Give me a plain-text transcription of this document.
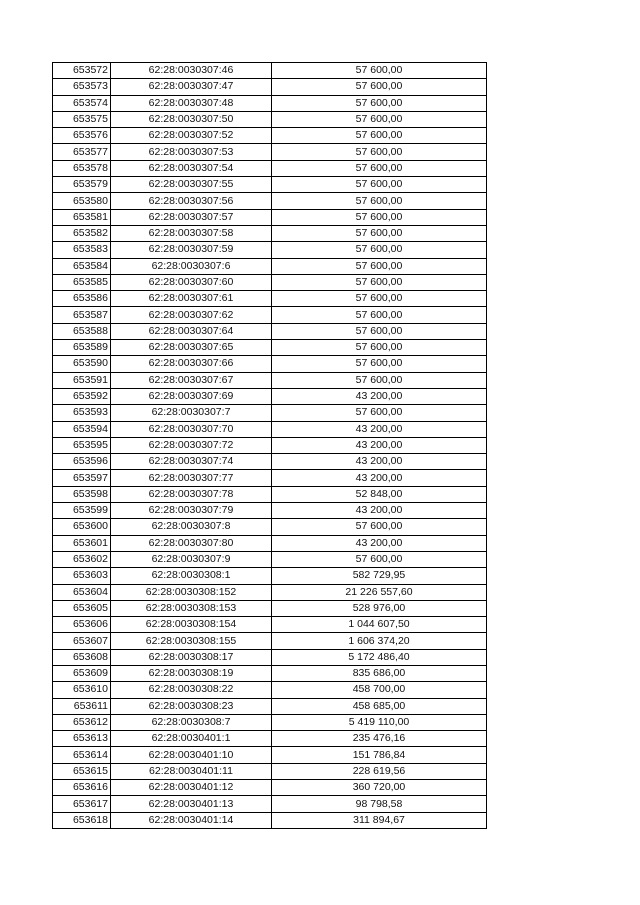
653572	62:28:0030307:46	57 600,00
653573	62:28:0030307:47	57 600,00
653574	62:28:0030307:48	57 600,00
653575	62:28:0030307:50	57 600,00
653576	62:28:0030307:52	57 600,00
653577	62:28:0030307:53	57 600,00
653578	62:28:0030307:54	57 600,00
653579	62:28:0030307:55	57 600,00
653580	62:28:0030307:56	57 600,00
653581	62:28:0030307:57	57 600,00
653582	62:28:0030307:58	57 600,00
653583	62:28:0030307:59	57 600,00
653584	62:28:0030307:6	57 600,00
653585	62:28:0030307:60	57 600,00
653586	62:28:0030307:61	57 600,00
653587	62:28:0030307:62	57 600,00
653588	62:28:0030307:64	57 600,00
653589	62:28:0030307:65	57 600,00
653590	62:28:0030307:66	57 600,00
653591	62:28:0030307:67	57 600,00
653592	62:28:0030307:69	43 200,00
653593	62:28:0030307:7	57 600,00
653594	62:28:0030307:70	43 200,00
653595	62:28:0030307:72	43 200,00
653596	62:28:0030307:74	43 200,00
653597	62:28:0030307:77	43 200,00
653598	62:28:0030307:78	52 848,00
653599	62:28:0030307:79	43 200,00
653600	62:28:0030307:8	57 600,00
653601	62:28:0030307:80	43 200,00
653602	62:28:0030307:9	57 600,00
653603	62:28:0030308:1	582 729,95
653604	62:28:0030308:152	21 226 557,60
653605	62:28:0030308:153	528 976,00
653606	62:28:0030308:154	1 044 607,50
653607	62:28:0030308:155	1 606 374,20
653608	62:28:0030308:17	5 172 486,40
653609	62:28:0030308:19	835 686,00
653610	62:28:0030308:22	458 700,00
653611	62:28:0030308:23	458 685,00
653612	62:28:0030308:7	5 419 110,00
653613	62:28:0030401:1	235 476,16
653614	62:28:0030401:10	151 786,84
653615	62:28:0030401:11	228 619,56
653616	62:28:0030401:12	360 720,00
653617	62:28:0030401:13	98 798,58
653618	62:28:0030401:14	311 894,67
